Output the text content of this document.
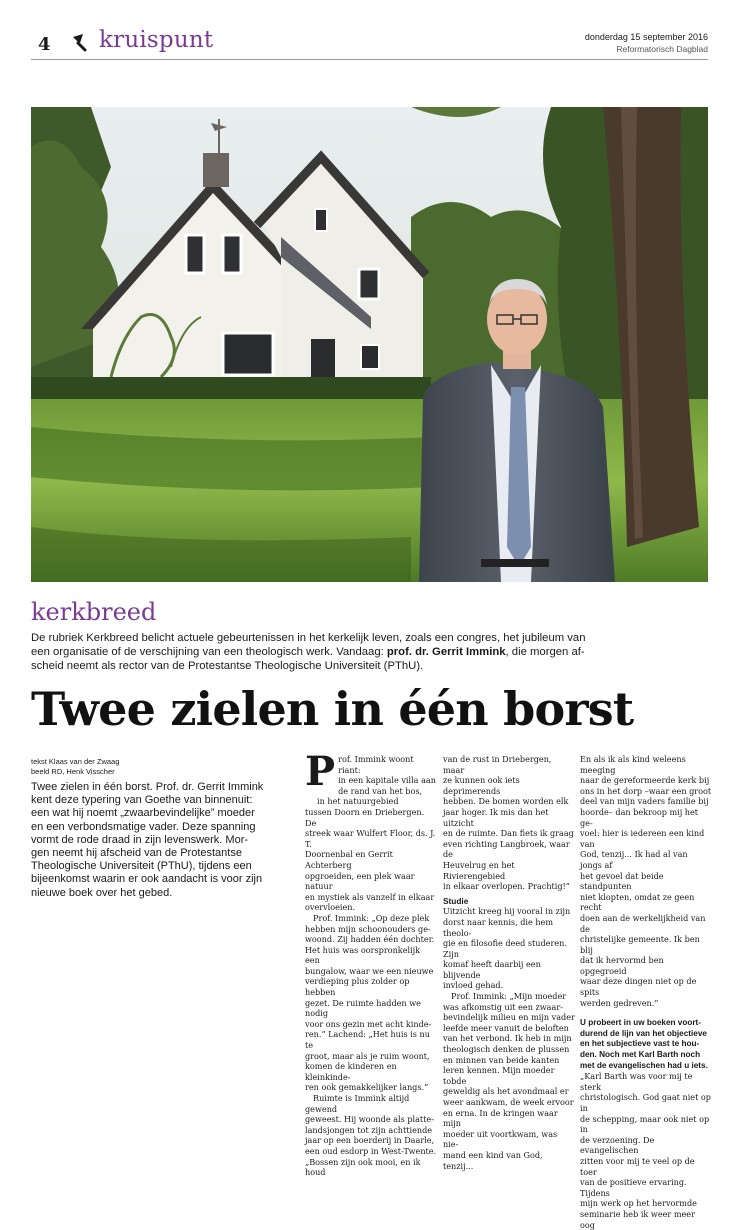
4 kruispunt	donderdag 15 september 2016
Reformatorisch Dagblad
kerkbreed
De rubriek Kerkbreed belicht actuele gebeurtenissen in het kerkelijk leven, zoals een congres, het jubileum van
een organisatie of de verschijning van een theologisch werk. Vandaag: prof. dr. Gerrit Immink, die morgen af-
scheid neemt als rector van de Protestantse Theologische Universiteit (PThU).
Twee zielen in één borst
tekst Klaas van der Zwaag
beeld RD, Henk Visscher
Twee zielen in één borst. Prof. dr. Gerrit Immink
kent deze typering van Goethe van binnenuit:
een wat hij noemt „zwaarbevindelijke” moeder
en een verbondsmatige vader. Deze spanning
vormt de rode draad in zijn levenswerk. Mor-
gen neemt hij afscheid van de Protestantse
Theologische Universiteit (PThU), tijdens een
bijeenkomst waarin er ook aandacht is voor zijn
nieuwe boek over het gebed.
P rof. Immink woont riant:
in een kapitale villa aan
de rand van het bos,
in het natuurgebied
tussen Doorn en Driebergen. De
streek waar Wulfert Floor, ds. J. T.
Doornenbal en Gerrit Achterberg
opgroeiden, een plek waar natuur
en mystiek als vanzelf in elkaar
overvloeien.
Prof. Immink: „Op deze plek
hebben mijn schoonouders ge-
woond. Zij hadden één dochter.
Het huis was oorspronkelijk een
bungalow, waar we een nieuwe
verdieping plus zolder op hebben
gezet. De ruimte hadden we nodig
voor ons gezin met acht kinde-
ren.” Lachend: „Het huis is nu te
groot, maar als je ruim woont,
komen de kinderen en kleinkinde-
ren ook gemakkelijker langs.”
Ruimte is Immink altijd gewend
geweest. Hij woonde als platte-
landsjongen tot zijn achttiende
jaar op een boerderij in Daarle,
een oud esdorp in West-Twente.
„Bossen zijn ook mooi, en ik houd
van de rust in Driebergen, maar
ze kunnen ook iets deprimerends
hebben. De bomen worden elk
jaar hoger. Ik mis dan het uitzicht
en de ruimte. Dan fiets ik graag
even richting Langbroek, waar de
Heuvelrug en het Rivierengebied
in elkaar overlopen. Prachtig!”
Studie
Uitzicht kreeg hij vooral in zijn
dorst naar kennis, die hem theolo-
gie en filosofie deed studeren. Zijn
komaf heeft daarbij een blijvende
invloed gehad.
Prof. Immink: „Mijn moeder
was afkomstig uit een zwaar-
bevindelijk milieu en mijn vader
leefde meer vanuit de beloften
van het verbond. Ik heb in mijn
theologisch denken de plussen
en minnen van beide kanten
leren kennen. Mijn moeder tobde
geweldig als het avondmaal er
weer aankwam, de week ervoor
en erna. In de kringen waar mijn
moeder uit voortkwam, was nie-
mand een kind van God, tenzij...
En als ik als kind weleens meeging
naar de gereformeerde kerk bij
ons in het dorp –waar een groot
deel van mijn vaders familie bij
hoorde– dan bekroop mij het ge-
voel: hier is iedereen een kind van
God, tenzij... Ik had al van jongs af
het gevoel dat beide standpunten
niet klopten, omdat ze geen recht
doen aan de werkelijkheid van de
christelijke gemeente. Ik ben blij
dat ik hervormd ben opgegroeid
waar deze dingen niet op de spits
werden gedreven.”
U probeert in uw boeken voort-
durend de lijn van het objectieve
en het subjectieve vast te hou-
den. Noch met Karl Barth noch
met de evangelischen had u iets.
„Karl Barth was voor mij te sterk
christologisch. God gaat niet op in
de schepping, maar ook niet op in
de verzoening. De evangelischen
zitten voor mij te veel op de toer
van de positieve ervaring. Tijdens
mijn werk op het hervormde
seminarie heb ik weer meer oog
